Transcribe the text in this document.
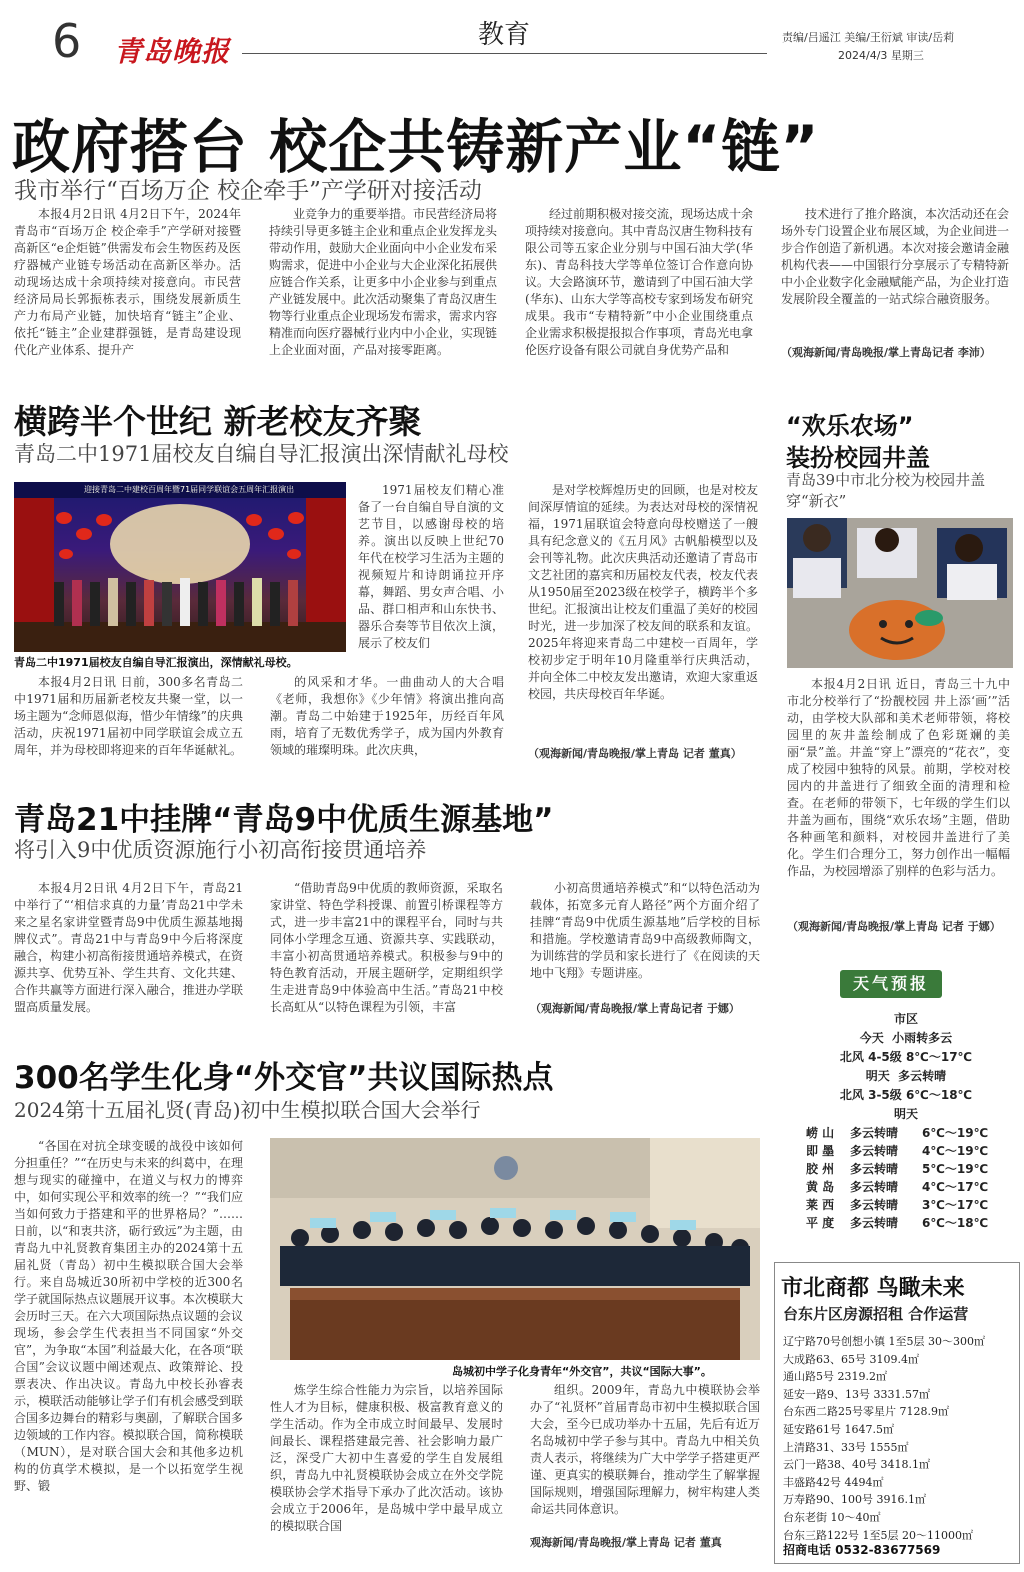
6 青岛晚报	教育	责编/吕遥江 美编/王衍斌 审读/岳莉
2024/4/3 星期三
政府搭台 校企共铸新产业“链”
我市举行“百场万企 校企牵手”产学研对接活动

本报4月2日讯 4月2日下午，2024年青岛市“百场万企 校企牵手”产学研对接暨高新区“e企炬链”供需发布会生物医药及医疗器械产业链专场活动在高新区举办。活动现场达成十余项持续对接意向。市民营经济局局长郭振栋表示，围绕发展新质生产力布局产业链，加快培育“链主”企业、依托“链主”企业建群强链，是青岛建设现代化产业体系、提升产

业竞争力的重要举措。市民营经济局将持续引导更多链主企业和重点企业发挥龙头带动作用，鼓励大企业面向中小企业发布采购需求，促进中小企业与大企业深化拓展供应链合作关系，让更多中小企业参与到重点产业链发展中。此次活动聚集了青岛汉唐生物等行业重点企业现场发布需求，需求内容精准而向医疗器械行业内中小企业，实现链上企业面对面，产品对接零距离。

经过前期积极对接交流，现场达成十余项持续对接意向。其中青岛汉唐生物科技有限公司等五家企业分别与中国石油大学(华东)、青岛科技大学等单位签订合作意向协议。大会路演环节，邀请到了中国石油大学(华东)、山东大学等高校专家到场发布研究成果。我市“专精特新”中小企业围绕重点企业需求积极提报拟合作事项，青岛光电拿伦医疗设备有限公司就自身优势产品和

技术进行了推介路演，本次活动还在会场外专门设置企业布展区域，为企业间进一步合作创造了新机遇。本次对接会邀请金融机构代表——中国银行分享展示了专精特新中小企业数字化金融赋能产品，为企业打造发展阶段全覆盖的一站式综合融资服务。

（观海新闻/青岛晚报/掌上青岛记者 李沛）
横跨半个世纪 新老校友齐聚
青岛二中1971届校友自编自导汇报演出深情献礼母校
迎接青岛二中建校百周年暨71届同学联谊会五周年汇报演出
青岛二中1971届校友自编自导汇报演出，深情献礼母校。

本报4月2日讯 日前，300多名青岛二中1971届和历届新老校友共聚一堂，以一场主题为“念师恩似海，惜少年情缘”的庆典活动，庆祝1971届初中同学联谊会成立五周年，并为母校即将迎来的百年华诞献礼。

1971届校友们精心准备了一台自编自导自演的文艺节目，以感谢母校的培养。演出以反映上世纪70年代在校学习生活为主题的视频短片和诗朗诵拉开序幕，舞蹈、男女声合唱、小品、群口相声和山东快书、器乐合奏等节目依次上演，展示了校友们

的风采和才华。一曲曲动人的大合唱《老师，我想你》《少年情》将演出推向高潮。青岛二中始建于1925年，历经百年风雨，培育了无数优秀学子，成为国内外教育领域的璀璨明珠。此次庆典，

是对学校辉煌历史的回顾，也是对校友间深厚情谊的延续。为表达对母校的深情祝福，1971届联谊会特意向母校赠送了一艘具有纪念意义的《五月风》古帆船模型以及会刊等礼物。此次庆典活动还邀请了青岛市文艺社团的嘉宾和历届校友代表，校友代表从1950届至2023级在校学子，横跨半个多世纪。汇报演出让校友们重温了美好的校园时光，进一步加深了校友间的联系和友谊。2025年将迎来青岛二中建校一百周年，学校初步定于明年10月隆重举行庆典活动，并向全体二中校友发出邀请，欢迎大家重返校园，共庆母校百年华诞。

（观海新闻/青岛晚报/掌上青岛 记者 董真）
“欢乐农场”
装扮校园井盖
青岛39中市北分校为校园井盖穿“新衣”

本报4月2日讯 近日，青岛三十九中市北分校举行了“扮靓校园 井上添‘画’”活动，由学校大队部和美术老师带领，将校园里的灰井盖绘制成了色彩斑斓的美丽“景”盖。井盖“穿上”漂亮的“花衣”，变成了校园中独特的风景。前期，学校对校园内的井盖进行了细致全面的清理和检查。在老师的带领下，七年级的学生们以井盖为画布，围绕“欢乐农场”主题，借助各种画笔和颜料，对校园井盖进行了美化。学生们合理分工，努力创作出一幅幅作品，为校园增添了别样的色彩与活力。

（观海新闻/青岛晚报/掌上青岛 记者 于娜）
青岛21中挂牌“青岛9中优质生源基地”
将引入9中优质资源施行小初高衔接贯通培养

本报4月2日讯 4月2日下午，青岛21中举行了“‘相信求真的力量’青岛21中学未来之星名家讲堂暨青岛9中优质生源基地揭牌仪式”。青岛21中与青岛9中今后将深度融合，构建小初高衔接贯通培养模式，在资源共享、优势互补、学生共育、文化共建、合作共赢等方面进行深入融合，推进办学联盟高质量发展。

“借助青岛9中优质的教师资源，采取名家讲堂、特色学科授课、前置引桥课程等方式，进一步丰富21中的课程平台，同时与共同体小学理念互通、资源共享、实践联动，丰富小初高贯通培养模式。积极参与9中的特色教育活动，开展主题研学，定期组织学生走进青岛9中体验高中生活。”青岛21中校长高虹从“以特色课程为引领，丰富

小初高贯通培养模式”和“以特色活动为载体，拓宽多元育人路径”两个方面介绍了挂牌“青岛9中优质生源基地”后学校的目标和措施。学校邀请青岛9中高级教师陶文，为训练营的学员和家长进行了《在阅读的天地中飞翔》专题讲座。

（观海新闻/青岛晚报/掌上青岛记者 于娜）
天气预报
市区
今天 小雨转多云
北风 4-5级 8℃～17℃
明天 多云转晴
北风 3-5级 6℃～18℃
明天
崂 山 多云转晴 6℃～19℃
即 墨 多云转晴 4℃～19℃
胶 州 多云转晴 5℃～19℃
黄 岛 多云转晴 4℃～17℃
莱 西 多云转晴 3℃～17℃
平 度 多云转晴 6℃～18℃
300名学生化身“外交官”共议国际热点
2024第十五届礼贤(青岛)初中生模拟联合国大会举行

“各国在对抗全球变暖的战役中该如何分担重任？”“在历史与未来的纠葛中，在理想与现实的碰撞中，在道义与权力的博弈中，如何实现公平和效率的统一？”“我们应当如何致力于搭建和平的世界格局？”……日前，以“和衷共济，砺行致远”为主题，由青岛九中礼贤教育集团主办的2024第十五届礼贤（青岛）初中生模拟联合国大会举行。来自岛城近30所初中学校的近300名学子就国际热点议题展开议事。本次模联大会历时三天。在六大项国际热点议题的会议现场，参会学生代表担当不同国家“外交官”，为争取“本国”利益最大化，在各项“联合国”会议议题中阐述观点、政策辩论、投票表决、作出决议。青岛九中校长孙睿表示，模联活动能够让学子们有机会感受到联合国多边舞台的精彩与奥副，了解联合国多边领域的工作内容。模拟联合国，简称模联（MUN），是对联合国大会和其他多边机构的仿真学术模拟，是一个以拓宽学生视野、锻

岛城初中学子化身青年“外交官”，共议“国际大事”。

炼学生综合性能力为宗旨，以培养国际性人才为目标，健康积极、极富教育意义的学生活动。作为全市成立时间最早、发展时间最长、课程搭建最完善、社会影响力最广泛，深受广大初中生喜爱的学生自发展组织，青岛九中礼贤模联协会成立在外交学院模联协会学术指导下承办了此次活动。该协会成立于2006年，是岛城中学中最早成立的模拟联合国

组织。2009年，青岛九中模联协会举办了“礼贤杯”首届青岛市初中生模拟联合国大会，至今已成功举办十五届，先后有近万名岛城初中学子参与其中。青岛九中相关负责人表示，将继续为广大中学学子搭建更严谨、更真实的模联舞台，推动学生了解掌握国际规则，增强国际理解力，树牢构建人类命运共同体意识。

观海新闻/青岛晚报/掌上青岛 记者 董真
市北商都 鸟瞰未来
台东片区房源招租 合作运营
辽宁路70号创想小镇 1至5层 30～300㎡
大成路63、65号 3109.4㎡
通山路5号 2319.2㎡
延安一路9、13号 3331.57㎡
台东西二路25号零星片 7128.9㎡
延安路61号 1647.5㎡
上清路31、33号 1555㎡
云门一路38、40号 3418.1㎡
丰盛路42号 4494㎡
万寿路90、100号 3916.1㎡
台东老街 10～40㎡
台东三路122号 1至5层 20～11000㎡
招商电话 0532-83677569
